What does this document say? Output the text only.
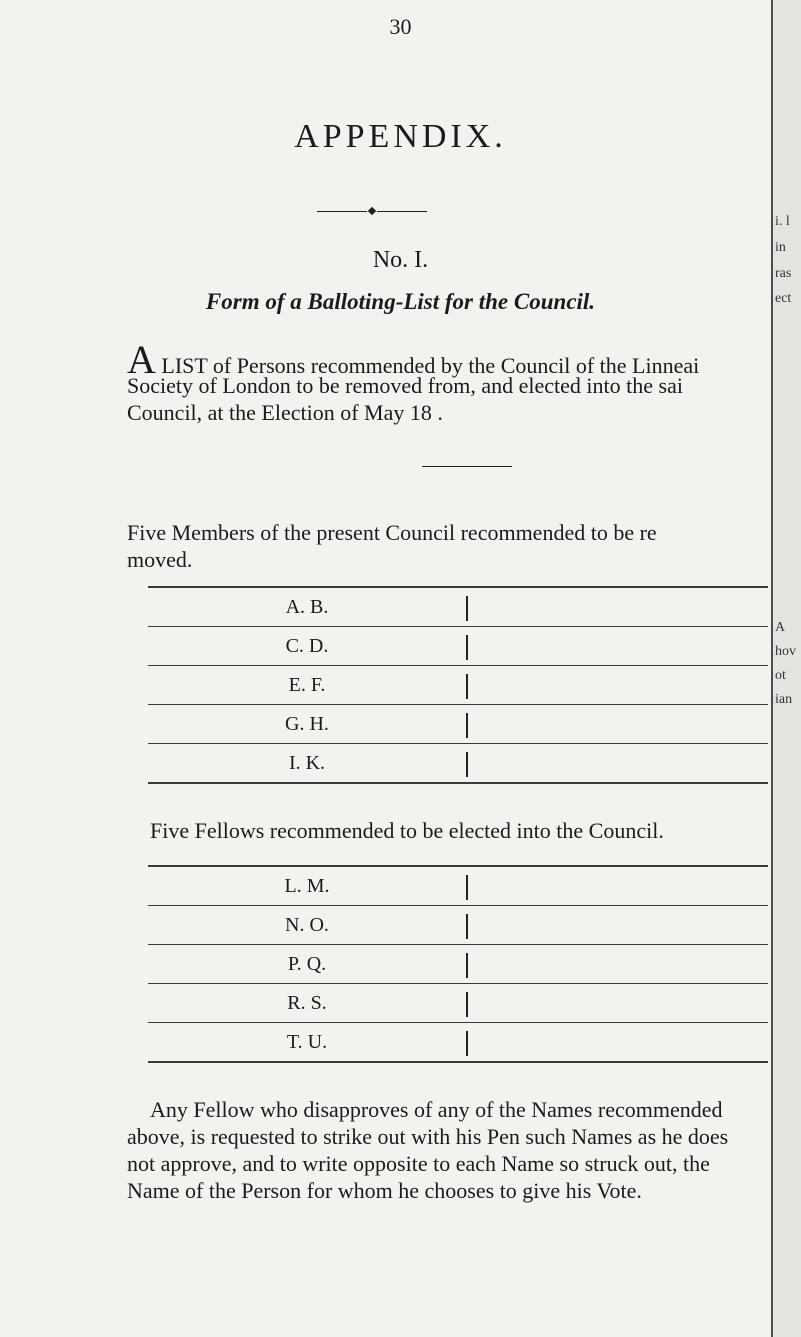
30
APPENDIX.
No. I.
Form of a Balloting-List for the Council.
A LIST of Persons recommended by the Council of the Linneai
Society of London to be removed from, and elected into the sai
Council, at the Election of May 18 .
Five Members of the present Council recommended to be re
moved.
A. B.
C. D.
E. F.
G. H.
I. K.
Five Fellows recommended to be elected into the Council.
L. M.
N. O.
P. Q.
R. S.
T. U.
Any Fellow who disapproves of any of the Names recommended
above, is requested to strike out with his Pen such Names as he does
not approve, and to write opposite to each Name so struck out, the
Name of the Person for whom he chooses to give his Vote.
i. l
in
ras
ect
A
hov
ot
ian
